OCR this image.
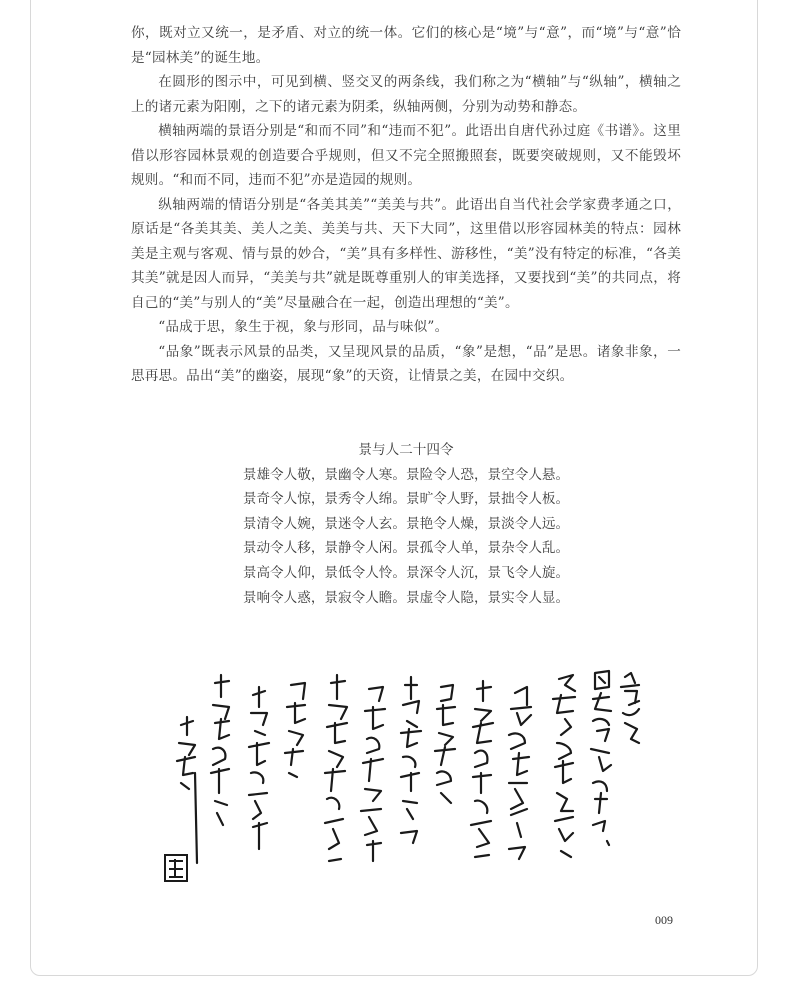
你，既对立又统一，是矛盾、对立的统一体。它们的核心是“境”与“意”，而“境”与“意”恰是“园林美”的诞生地。

在圆形的图示中，可见到横、竖交叉的两条线，我们称之为“横轴”与“纵轴”，横轴之上的诸元素为阳刚，之下的诸元素为阴柔，纵轴两侧，分别为动势和静态。

横轴两端的景语分别是“和而不同”和“违而不犯”。此语出自唐代孙过庭《书谱》。这里借以形容园林景观的创造要合乎规则，但又不完全照搬照套，既要突破规则，又不能毁坏规则。“和而不同，违而不犯”亦是造园的规则。

纵轴两端的情语分别是“各美其美”“美美与共”。此语出自当代社会学家费孝通之口，原话是“各美其美、美人之美、美美与共、天下大同”，这里借以形容园林美的特点：园林美是主观与客观、情与景的妙合，“美”具有多样性、游移性，“美”没有特定的标准，“各美其美”就是因人而异，“美美与共”就是既尊重别人的审美选择，又要找到“美”的共同点，将自己的“美”与别人的“美”尽量融合在一起，创造出理想的“美”。

“品成于思，象生于视，象与形同，品与味似”。

“品象”既表示风景的品类，又呈现风景的品质，“象”是想，“品”是思。诸象非象，一思再思。品出“美”的幽姿，展现“象”的天资，让情景之美，在园中交织。

景与人二十四令
景雄令人敬，景幽令人寒。景险令人恐，景空令人悬。
景奇令人惊，景秀令人绵。景旷令人野，景拙令人板。
景清令人婉，景迷令人玄。景艳令人燥，景淡令人远。
景动令人移，景静令人闲。景孤令人单，景杂令人乱。
景高令人仰，景低令人怜。景深令人沉，景飞令人旋。
景响令人惑，景寂令人瞻。景虚令人隐，景实令人显。
009
